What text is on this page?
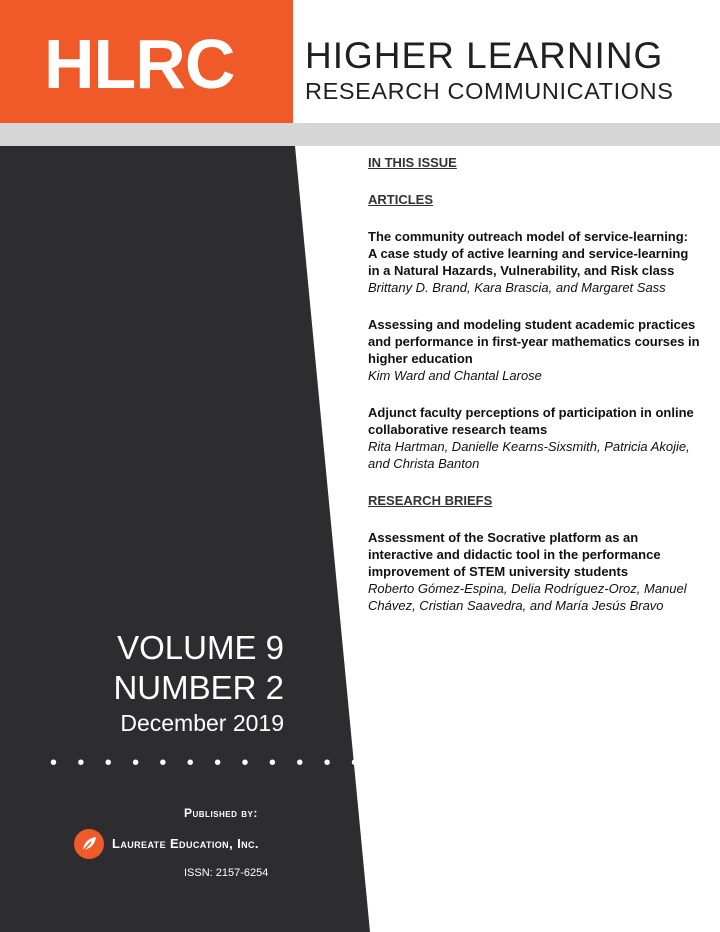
HLRC HIGHER LEARNING
RESEARCH COMMUNICATIONS
VOLUME 9
NUMBER 2
December 2019
• • • • • • • • • • • • • • •
Published by:
Laureate Education, Inc.
ISSN: 2157-6254
IN THIS ISSUE
ARTICLES
The community outreach model of service-learning: A case study of active learning and service-learning in a Natural Hazards, Vulnerability, and Risk class
Brittany D. Brand, Kara Brascia, and Margaret Sass
Assessing and modeling student academic practices and performance in first-year mathematics courses in higher education
Kim Ward and Chantal Larose
Adjunct faculty perceptions of participation in online collaborative research teams
Rita Hartman, Danielle Kearns-Sixsmith, Patricia Akojie, and Christa Banton
RESEARCH BRIEFS
Assessment of the Socrative platform as an interactive and didactic tool in the performance improvement of STEM university students
Roberto Gómez-Espina, Delia Rodríguez-Oroz, Manuel Chávez, Cristian Saavedra, and María Jesús Bravo
